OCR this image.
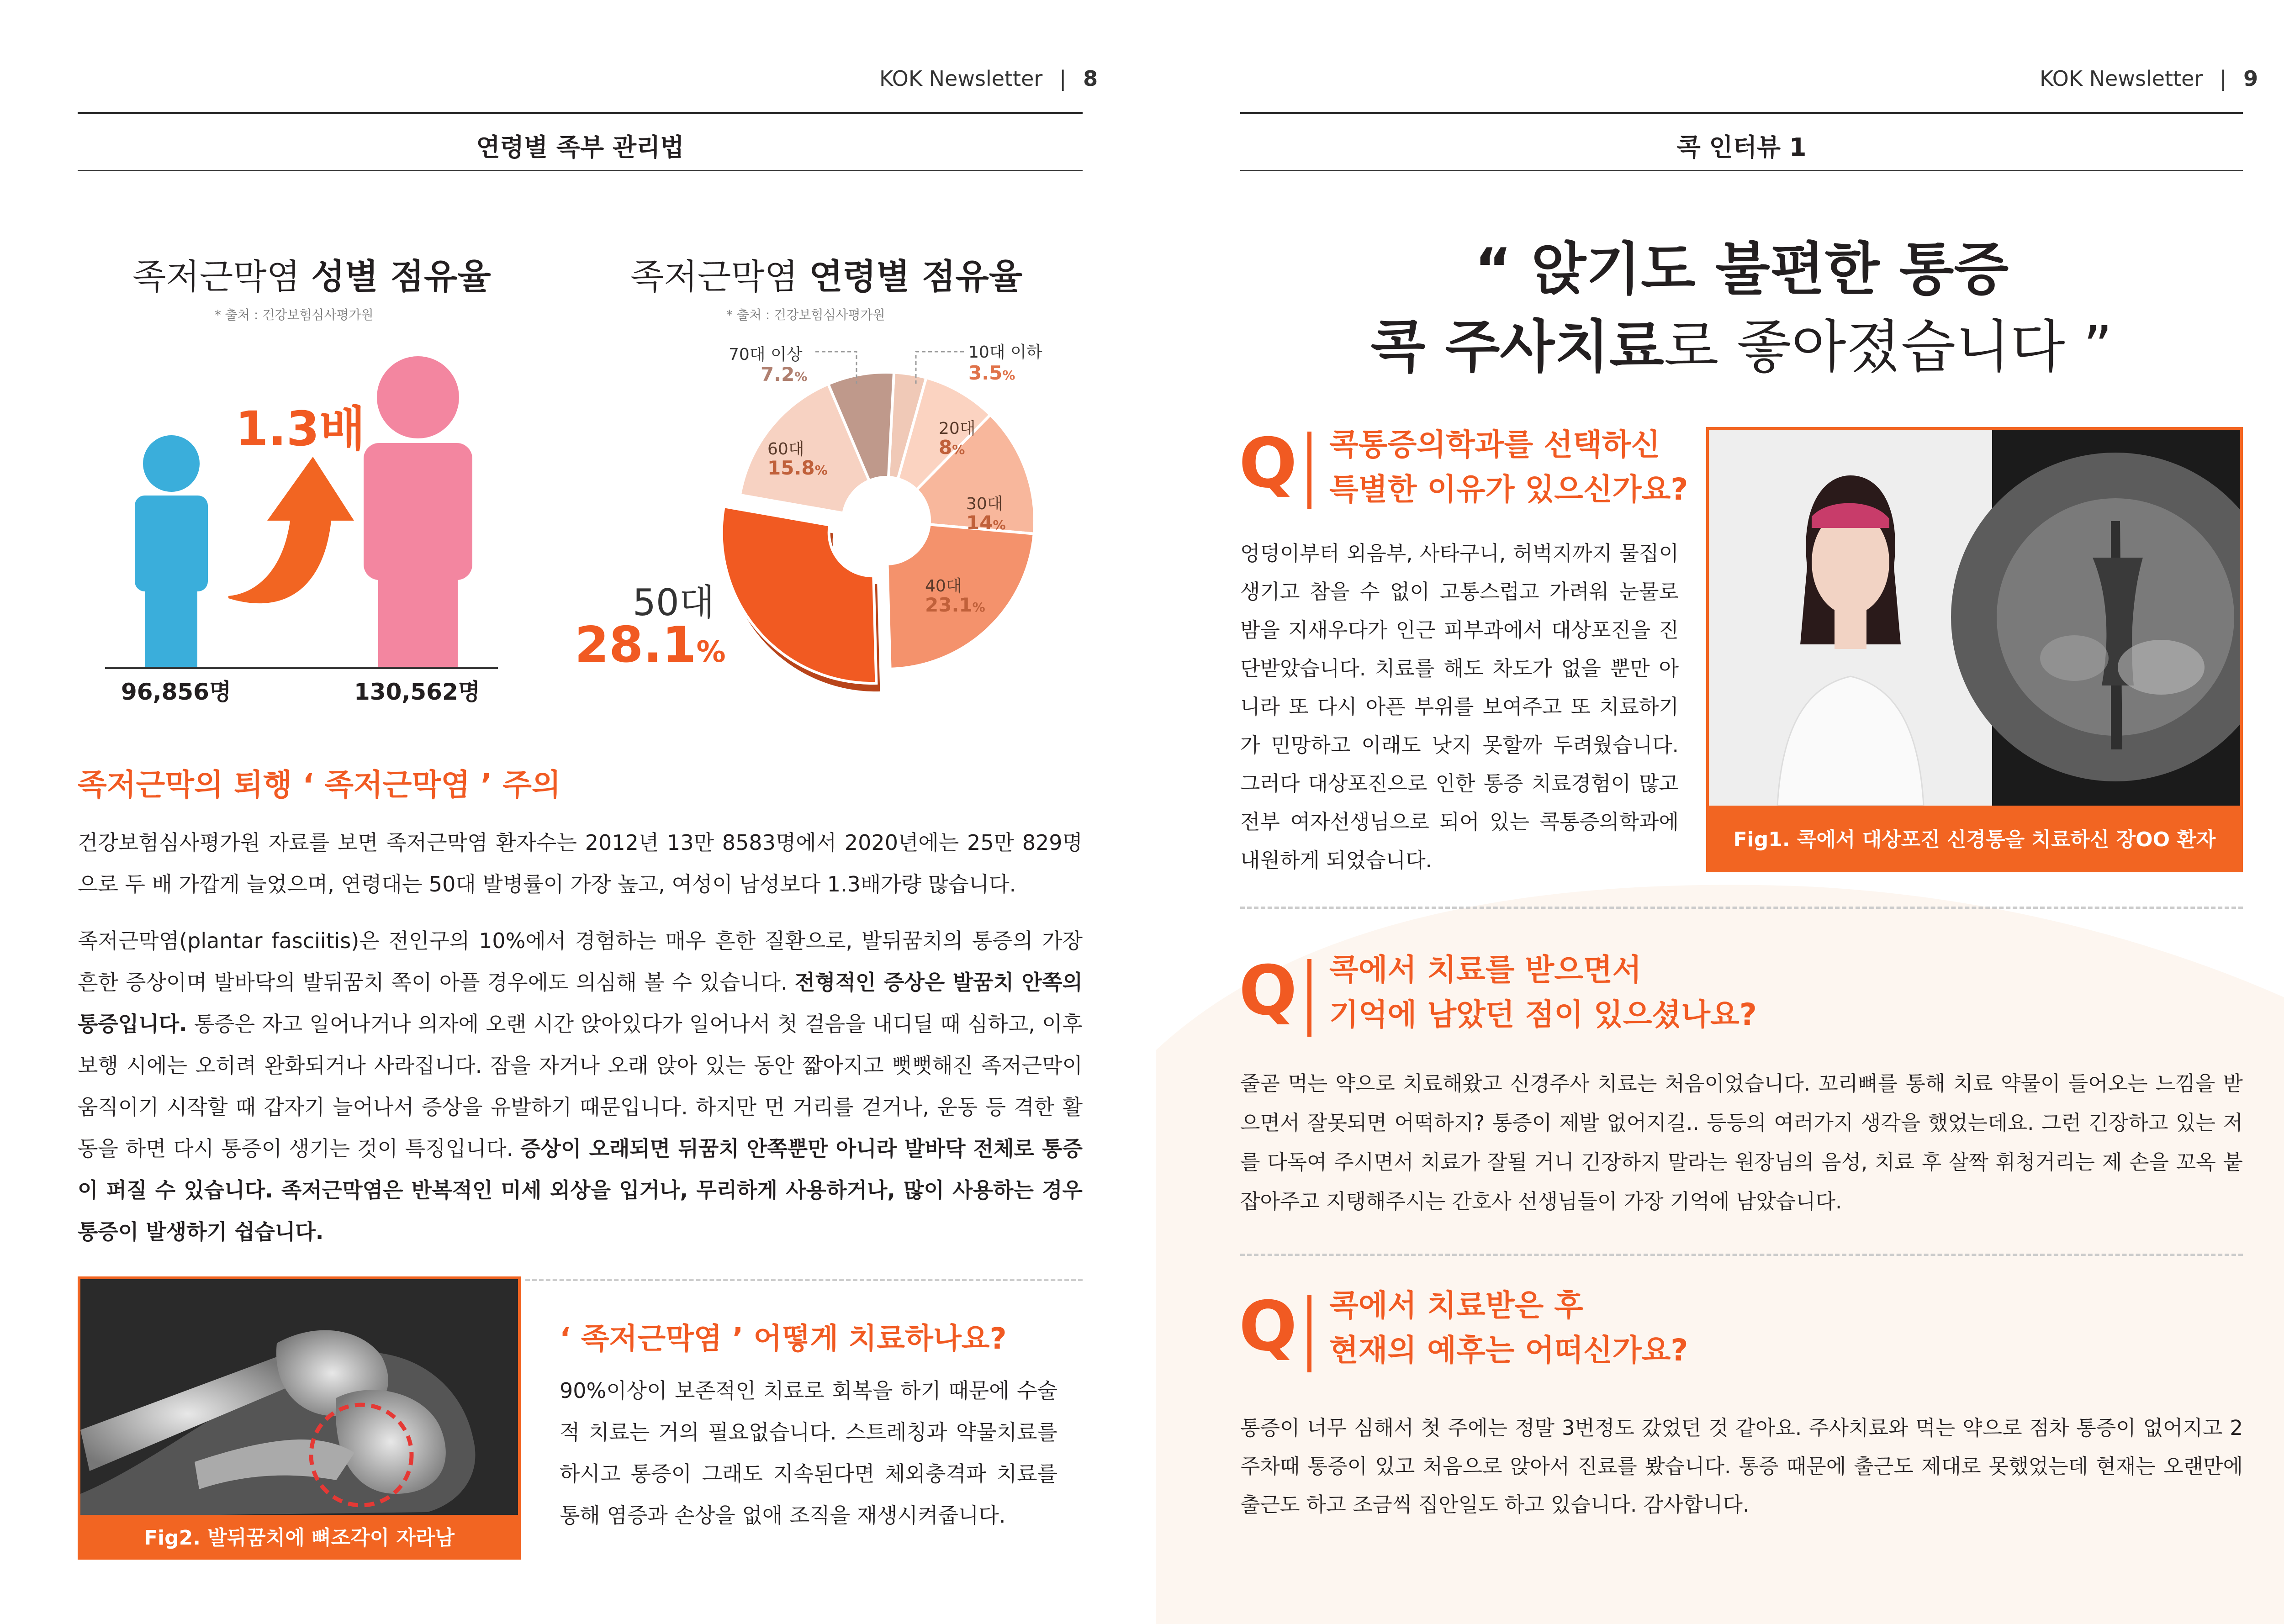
KOK Newsletter | 8
연령별 족부 관리법
족저근막염 성별 점유율
* 출처 : 건강보험심사평가원
1.3배
96,856명	130,562명
족저근막염 연령별 점유율
* 출처 : 건강보험심사평가원
70대 이상
7.2%
10대 이하
3.5%
20대
8%
30대
14%
40대
23.1%
60대
15.8%
50대
28.1%
족저근막의 퇴행 ‘ 족저근막염 ’ 주의
건강보험심사평가원 자료를 보면 족저근막염 환자수는 2012년 13만 8583명에서 2020년에는 25만 829명으로 두 배 가깝게 늘었으며, 연령대는 50대 발병률이 가장 높고, 여성이 남성보다 1.3배가량 많습니다.
족저근막염(plantar fasciitis)은 전인구의 10%에서 경험하는 매우 흔한 질환으로, 발뒤꿈치의 통증의 가장 흔한 증상이며 발바닥의 발뒤꿈치 쪽이 아플 경우에도 의심해 볼 수 있습니다. 전형적인 증상은 발꿈치 안쪽의 통증입니다. 통증은 자고 일어나거나 의자에 오랜 시간 앉아있다가 일어나서 첫 걸음을 내디딜 때 심하고, 이후 보행 시에는 오히려 완화되거나 사라집니다. 잠을 자거나 오래 앉아 있는 동안 짧아지고 뻣뻣해진 족저근막이 움직이기 시작할 때 갑자기 늘어나서 증상을 유발하기 때문입니다. 하지만 먼 거리를 걷거나, 운동 등 격한 활동을 하면 다시 통증이 생기는 것이 특징입니다. 증상이 오래되면 뒤꿈치 안쪽뿐만 아니라 발바닥 전체로 통증이 퍼질 수 있습니다. 족저근막염은 반복적인 미세 외상을 입거나, 무리하게 사용하거나, 많이 사용하는 경우 통증이 발생하기 쉽습니다.
Fig2. 발뒤꿈치에 뼈조각이 자라남
‘ 족저근막염 ’ 어떻게 치료하나요?
90%이상이 보존적인 치료로 회복을 하기 때문에 수술적 치료는 거의 필요없습니다. 스트레칭과 약물치료를 하시고 통증이 그래도 지속된다면 체외충격파 치료를 통해 염증과 손상을 없애 조직을 재생시켜줍니다.
KOK Newsletter | 9
콕 인터뷰 1
“ 앉기도 불편한 통증
콕 주사치료로 좋아졌습니다 ”
Q 콕통증의학과를 선택하신
특별한 이유가 있으신가요?
엉덩이부터 외음부, 사타구니, 허벅지까지 물집이 생기고 참을 수 없이 고통스럽고 가려워 눈물로 밤을 지새우다가 인근 피부과에서 대상포진을 진단받았습니다. 치료를 해도 차도가 없을 뿐만 아니라 또 다시 아픈 부위를 보여주고 또 치료하기가 민망하고 이래도 낫지 못할까 두려웠습니다. 그러다 대상포진으로 인한 통증 치료경험이 많고 전부 여자선생님으로 되어 있는 콕통증의학과에 내원하게 되었습니다.
Fig1. 콕에서 대상포진 신경통을 치료하신 장OO 환자
Q 콕에서 치료를 받으면서
기억에 남았던 점이 있으셨나요?
줄곧 먹는 약으로 치료해왔고 신경주사 치료는 처음이었습니다. 꼬리뼈를 통해 치료 약물이 들어오는 느낌을 받으면서 잘못되면 어떡하지? 통증이 제발 없어지길.. 등등의 여러가지 생각을 했었는데요. 그런 긴장하고 있는 저를 다독여 주시면서 치료가 잘될 거니 긴장하지 말라는 원장님의 음성, 치료 후 살짝 휘청거리는 제 손을 꼬옥 붙잡아주고 지탱해주시는 간호사 선생님들이 가장 기억에 남았습니다.
Q 콕에서 치료받은 후
현재의 예후는 어떠신가요?
통증이 너무 심해서 첫 주에는 정말 3번정도 갔었던 것 같아요. 주사치료와 먹는 약으로 점차 통증이 없어지고 2주차때 통증이 있고 처음으로 앉아서 진료를 봤습니다. 통증 때문에 출근도 제대로 못했었는데 현재는 오랜만에 출근도 하고 조금씩 집안일도 하고 있습니다. 감사합니다.
